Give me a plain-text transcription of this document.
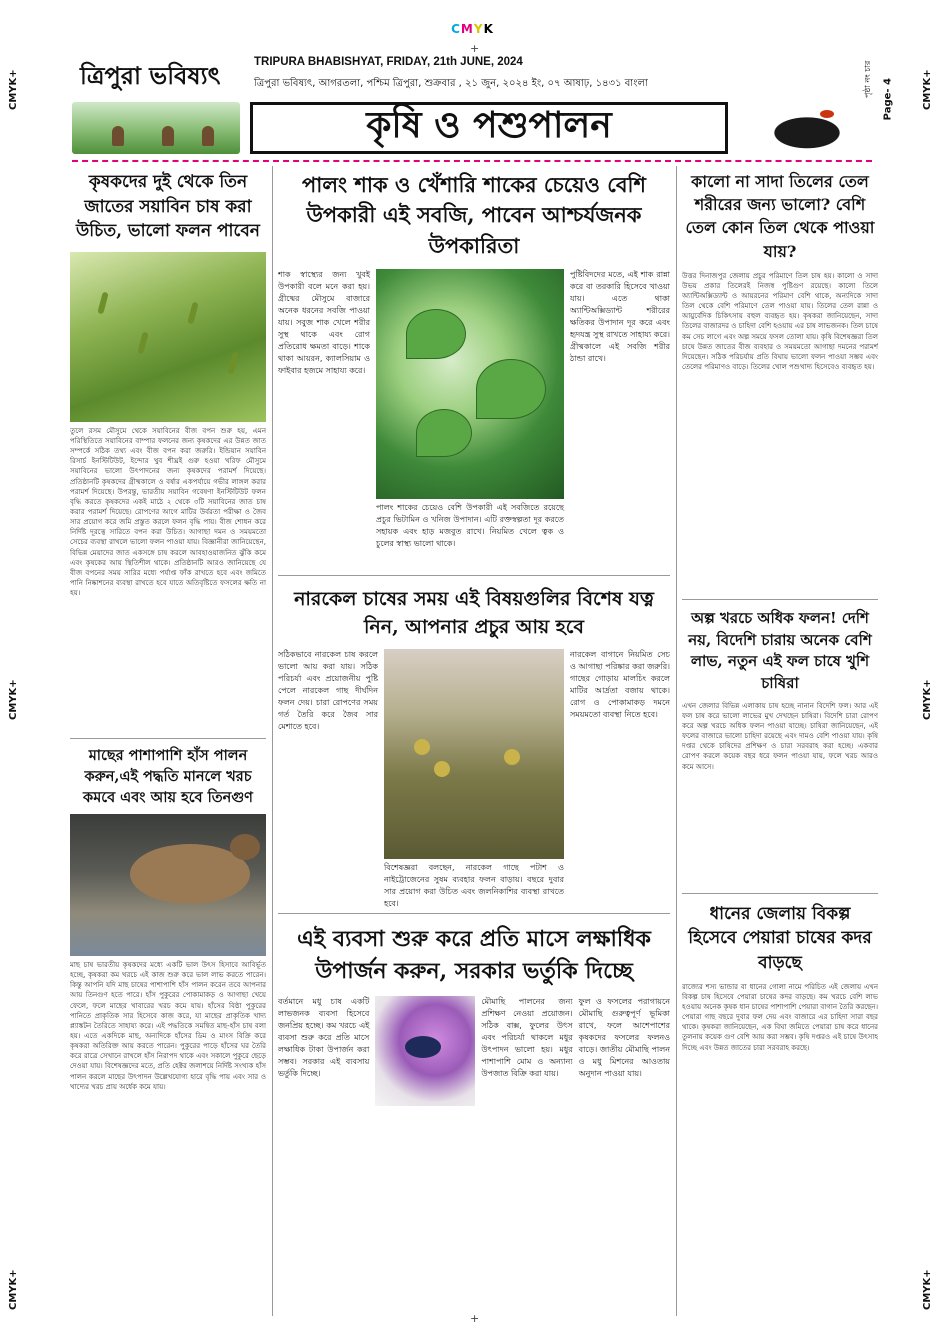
CMYK
+
+
CMYK+
CMYK+
CMYK+
CMYK+
CMYK+
CMYK+
ত্রিপুরা ভবিষ্যৎ	TRIPURA BHABISHYAT, FRIDAY, 21th JUNE, 2024
ত্রিপুরা ভবিষ্যৎ, আগরতলা, পশ্চিম ত্রিপুরা, শুক্রবার , ২১ জুন, ২০২৪ ইং, ০৭ আষাঢ়, ১৪৩১ বাংলা	Page- 4
পৃষ্ঠা নং চার
কৃষি ও পশুপালন
কৃষকদের দুই থেকে তিন জাতের সয়াবিন চাষ করা উচিত, ভালো ফলন পাবেন
তুলে রসম মৌসুমে থেকে সয়াবিনের বীজ বপন শুরু হয়, এমন পরিস্থিতিতে সয়াবিনের বাম্পার ফলনের জন্য কৃষকদের এর উন্নত জাত সম্পর্কে সঠিক তথ্য এবং বীজ বপন করা জরুরি। ইন্ডিয়ান সয়াবিন রিসার্চ ইনস্টিটিউট, ইন্দোর খুব শীঘ্রই গুরু হওয়া খরিফ মৌসুমে সয়াবিনের ভালো উৎপাদনের জন্য কৃষকদের পরামর্শ দিয়েছে। প্রতিষ্ঠানটি কৃষকদের গ্রীষ্মকালে ও বর্ষার একপর্যায়ে গভীর লাঙ্গল করার পরামর্শ দিয়েছে। উপরন্তু, ভারতীয় সয়াবিন গবেষণা ইনস্টিটিউট ফলন বৃদ্ধি করতে কৃষকদের একই মাঠে ২ থেকে ৩টি সয়াবিনের জাত চাষ করার পরামর্শ দিয়েছে। রোপণের আগে মাটির উর্বরতা পরীক্ষা ও জৈব সার প্রয়োগ করে জমি প্রস্তুত করলে ফলন বৃদ্ধি পায়। বীজ শোধন করে নির্দিষ্ট দূরত্বে সারিতে বপন করা উচিত। আগাছা দমন ও সময়মতো সেচের ব্যবস্থা রাখলে ভালো ফলন পাওয়া যায়। বিজ্ঞানীরা জানিয়েছেন, বিভিন্ন মেয়াদের জাত একসঙ্গে চাষ করলে আবহাওয়াজনিত ঝুঁকি কমে এবং কৃষকের আয় স্থিতিশীল থাকে। প্রতিষ্ঠানটি আরও জানিয়েছে যে বীজ বপনের সময় সারির মধ্যে পর্যাপ্ত ফাঁক রাখতে হবে এবং জমিতে পানি নিষ্কাশনের ব্যবস্থা রাখতে হবে যাতে অতিবৃষ্টিতে ফসলের ক্ষতি না হয়।
মাছের পাশাপাশি হাঁস পালন করুন,এই পদ্ধতি মানলে খরচ কমবে এবং আয় হবে তিনগুণ
মাছ চাষ ভারতীয় কৃষকদের মধ্যে একটি ভাল উৎস হিসাবে আবির্ভূত হচ্ছে, কৃষকরা কম খরচে এই কাজ শুরু করে ভাল লাভ করতে পারেন। কিন্তু আপনি যদি মাছ চাষের পাশাপাশি হাঁস পালন করেন তবে আপনার আয় তিনগুণ হতে পারে। হাঁস পুকুরের পোকামাকড় ও আগাছা খেয়ে ফেলে, ফলে মাছের খাবারের খরচ কমে যায়। হাঁসের বিষ্ঠা পুকুরের পানিতে প্রাকৃতিক সার হিসেবে কাজ করে, যা মাছের প্রাকৃতিক খাদ্য প্ল্যাঙ্কটন তৈরিতে সাহায্য করে। এই পদ্ধতিকে সমন্বিত মাছ-হাঁস চাষ বলা হয়। এতে একদিকে মাছ, অন্যদিকে হাঁসের ডিম ও মাংস বিক্রি করে কৃষকরা অতিরিক্ত আয় করতে পারেন। পুকুরের পাড়ে হাঁসের ঘর তৈরি করে রাত্রে সেখানে রাখলে হাঁস নিরাপদ থাকে এবং সকালে পুকুরে ছেড়ে দেওয়া যায়। বিশেষজ্ঞদের মতে, প্রতি হেক্টর জলাশয়ে নির্দিষ্ট সংখ্যক হাঁস পালন করলে মাছের উৎপাদন উল্লেখযোগ্য হারে বৃদ্ধি পায় এবং সার ও খাদ্যের খরচ প্রায় অর্ধেক কমে যায়।
পালং শাক ও খেঁশারি শাকের চেয়েও বেশি উপকারী এই সবজি, পাবেন আশ্চর্যজনক উপকারিতা
শাক স্বাস্থ্যের জন্য খুবই উপকারী বলে মনে করা হয়। গ্রীষ্মের মৌসুমে বাজারে অনেক ধরনের সবজি পাওয়া যায়। সবুজ শাক খেলে শরীর সুস্থ থাকে এবং রোগ প্রতিরোধ ক্ষমতা বাড়ে। শাকে থাকা আয়রন, ক্যালসিয়াম ও ফাইবার হজমে সাহায্য করে।
পালং শাকের চেয়েও বেশি উপকারী এই সবজিতে রয়েছে প্রচুর ভিটামিন ও খনিজ উপাদান। এটি রক্তস্বল্পতা দূর করতে সহায়ক এবং হাড় মজবুত রাখে। নিয়মিত খেলে ত্বক ও চুলের স্বাস্থ্য ভালো থাকে।
পুষ্টিবিদদের মতে, এই শাক রান্না করে বা তরকারি হিসেবে খাওয়া যায়। এতে থাকা অ্যান্টিঅক্সিড্যান্ট শরীরের ক্ষতিকর উপাদান দূর করে এবং হৃদযন্ত্র সুস্থ রাখতে সাহায্য করে। গ্রীষ্মকালে এই সবজি শরীর ঠান্ডা রাখে।
নারকেল চাষের সময় এই বিষয়গুলির বিশেষ যত্ন নিন, আপনার প্রচুর আয় হবে
সঠিকভাবে নারকেল চাষ করলে ভালো আয় করা যায়। সঠিক পরিচর্যা এবং প্রয়োজনীয় পুষ্টি পেলে নারকেল গাছ দীর্ঘদিন ফলন দেয়। চারা রোপণের সময় গর্ত তৈরি করে জৈব সার মেশাতে হবে।
বিশেষজ্ঞরা বলছেন, নারকেল গাছে পটাশ ও নাইট্রোজেনের সুষম ব্যবহার ফলন বাড়ায়। বছরে দুবার সার প্রয়োগ করা উচিত এবং জলনিকাশির ব্যবস্থা রাখতে হবে।
নারকেল বাগানে নিয়মিত সেচ ও আগাছা পরিষ্কার করা জরুরি। গাছের গোড়ায় মালচিং করলে মাটির আর্দ্রতা বজায় থাকে। রোগ ও পোকামাকড় দমনে সময়মতো ব্যবস্থা নিতে হবে।
এই ব্যবসা শুরু করে প্রতি মাসে লক্ষাধিক উপার্জন করুন, সরকার ভর্তুকি দিচ্ছে
বর্তমানে মধু চাষ একটি লাভজনক ব্যবসা হিসেবে জনপ্রিয় হচ্ছে। কম খরচে এই ব্যবসা শুরু করে প্রতি মাসে লক্ষাধিক টাকা উপার্জন করা সম্ভব। সরকার এই ব্যবসায় ভর্তুকি দিচ্ছে।
মৌমাছি পালনের জন্য প্রশিক্ষণ নেওয়া প্রয়োজন। সঠিক বাক্স, ফুলের উৎস এবং পরিচর্যা থাকলে মধুর উৎপাদন ভালো হয়। মধুর পাশাপাশি মোম ও অন্যান্য উপজাত বিক্রি করা যায়।
ফুল ও ফসলের পরাগায়নে মৌমাছি গুরুত্বপূর্ণ ভূমিকা রাখে, ফলে আশেপাশের কৃষকদের ফসলের ফলনও বাড়ে। জাতীয় মৌমাছি পালন ও মধু মিশনের আওতায় অনুদান পাওয়া যায়।
কালো না সাদা তিলের তেল শরীরের জন্য ভালো? বেশি তেল কোন তিল থেকে পাওয়া যায়?
উত্তর দিনাজপুর জেলায় প্রচুর পরিমাণে তিল চাষ হয়। কালো ও সাদা উভয় প্রকার তিলেরই নিজস্ব পুষ্টিগুণ রয়েছে। কালো তিলে অ্যান্টিঅক্সিড্যান্ট ও আয়রনের পরিমাণ বেশি থাকে, অন্যদিকে সাদা তিল থেকে বেশি পরিমাণে তেল পাওয়া যায়। তিলের তেল রান্না ও আয়ুর্বেদিক চিকিৎসায় বহুল ব্যবহৃত হয়। কৃষকরা জানিয়েছেন, সাদা তিলের বাজারদর ও চাহিদা বেশি হওয়ায় এর চাষ লাভজনক। তিল চাষে কম সেচ লাগে এবং অল্প সময়ে ফসল তোলা যায়। কৃষি বিশেষজ্ঞরা তিল চাষে উন্নত জাতের বীজ ব্যবহার ও সময়মতো আগাছা দমনের পরামর্শ দিয়েছেন। সঠিক পরিচর্যায় প্রতি বিঘায় ভালো ফলন পাওয়া সম্ভব এবং তেলের পরিমাণও বাড়ে। তিলের খোল পশুখাদ্য হিসেবেও ব্যবহৃত হয়।
অল্প খরচে অধিক ফলন! দেশি নয়, বিদেশি চারায় অনেক বেশি লাভ, নতুন এই ফল চাষে খুশি চাষিরা
এখন জেলার বিভিন্ন এলাকায় চাষ হচ্ছে নানান বিদেশি ফল। আর এই ফল চাষ করে ভালো লাভের মুখ দেখছেন চাষিরা। বিদেশি চারা রোপণ করে অল্প খরচে অধিক ফলন পাওয়া যাচ্ছে। চাষিরা জানিয়েছেন, এই ফলের বাজারে ভালো চাহিদা রয়েছে এবং দামও বেশি পাওয়া যায়। কৃষি দপ্তর থেকে চাষিদের প্রশিক্ষণ ও চারা সরবরাহ করা হচ্ছে। একবার রোপণ করলে কয়েক বছর ধরে ফলন পাওয়া যায়, ফলে খরচ আরও কমে আসে।
ধানের জেলায় বিকল্প হিসেবে পেয়ারা চাষের কদর বাড়ছে
রাজ্যের শস্য ভান্ডার বা ধানের গোলা নামে পরিচিত এই জেলায় এখন বিকল্প চাষ হিসেবে পেয়ারা চাষের কদর বাড়ছে। কম খরচে বেশি লাভ হওয়ায় অনেক কৃষক ধান চাষের পাশাপাশি পেয়ারা বাগান তৈরি করছেন। পেয়ারা গাছ বছরে দুবার ফল দেয় এবং বাজারে এর চাহিদা সারা বছর থাকে। কৃষকরা জানিয়েছেন, এক বিঘা জমিতে পেয়ারা চাষ করে ধানের তুলনায় কয়েক গুণ বেশি আয় করা সম্ভব। কৃষি দপ্তরও এই চাষে উৎসাহ দিচ্ছে এবং উন্নত জাতের চারা সরবরাহ করছে।
